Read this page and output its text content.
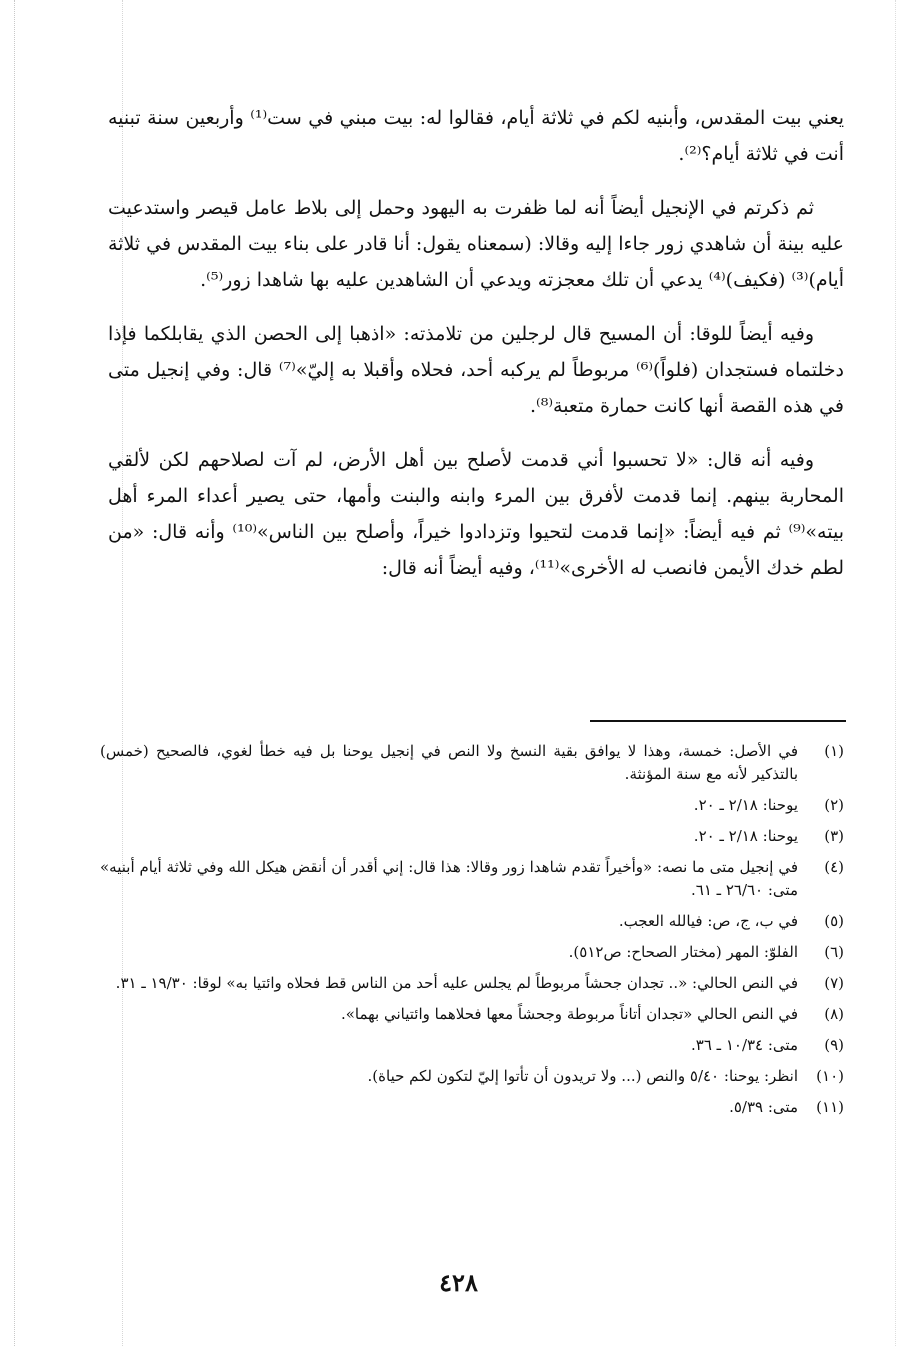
يعني بيت المقدس، وأبنيه لكم في ثلاثة أيام، فقالوا له: بيت مبني في ست⁽¹⁾ وأربعين سنة تبنيه أنت في ثلاثة أيام؟⁽²⁾.

ثم ذكرتم في الإنجيل أيضاً أنه لما ظفرت به اليهود وحمل إلى بلاط عامل قيصر واستدعيت عليه بينة أن شاهدي زور جاءا إليه وقالا: (سمعناه يقول: أنا قادر على بناء بيت المقدس في ثلاثة أيام)⁽³⁾ (فكيف)⁽⁴⁾ يدعي أن تلك معجزته ويدعي أن الشاهدين عليه بها شاهدا زور⁽⁵⁾.

وفيه أيضاً للوقا: أن المسيح قال لرجلين من تلامذته: «اذهبا إلى الحصن الذي يقابلكما فإذا دخلتماه فستجدان (فلواً)⁽⁶⁾ مربوطاً لم يركبه أحد، فحلاه وأقبلا به إليّ»⁽⁷⁾ قال: وفي إنجيل متى في هذه القصة أنها كانت حمارة متعبة⁽⁸⁾.

وفيه أنه قال: «لا تحسبوا أني قدمت لأصلح بين أهل الأرض، لم آت لصلاحهم لكن لألقي المحاربة بينهم. إنما قدمت لأفرق بين المرء وابنه والبنت وأمها، حتى يصير أعداء المرء أهل بيته»⁽⁹⁾ ثم فيه أيضاً: «إنما قدمت لتحيوا وتزدادوا خيراً، وأصلح بين الناس»⁽¹⁰⁾ وأنه قال: «من لطم خدك الأيمن فانصب له الأخرى»⁽¹¹⁾، وفيه أيضاً أنه قال:

(١)
في الأصل: خمسة، وهذا لا يوافق بقية النسخ ولا النص في إنجيل يوحنا بل فيه خطأ لغوي، فالصحيح (خمس) بالتذكير لأنه مع سنة المؤنثة.
(٢)
يوحنا: ٢/١٨ ـ ٢٠.
(٣)
يوحنا: ٢/١٨ ـ ٢٠.
(٤)
في إنجيل متى ما نصه: «وأخيراً تقدم شاهدا زور وقالا: هذا قال: إني أقدر أن أنقض هيكل الله وفي ثلاثة أيام أبنيه» متى: ٢٦/٦٠ ـ ٦١.
(٥)
في ب، ج، ص: فيالله العجب.
(٦)
الفلوّ: المهر (مختار الصحاح: ص٥١٢).
(٧)
في النص الحالي: «.. تجدان جحشاً مربوطاً لم يجلس عليه أحد من الناس قط فحلاه وائتيا به» لوقا: ١٩/٣٠ ـ ٣١.
(٨)
في النص الحالي «تجدان أتاناً مربوطة وجحشاً معها فحلاهما وائتياني بهما».
(٩)
متى: ١٠/٣٤ ـ ٣٦.
(١٠)
انظر: يوحنا: ٥/٤٠ والنص (... ولا تريدون أن تأتوا إليّ لتكون لكم حياة).
(١١)
متى: ٥/٣٩.
٤٢٨
